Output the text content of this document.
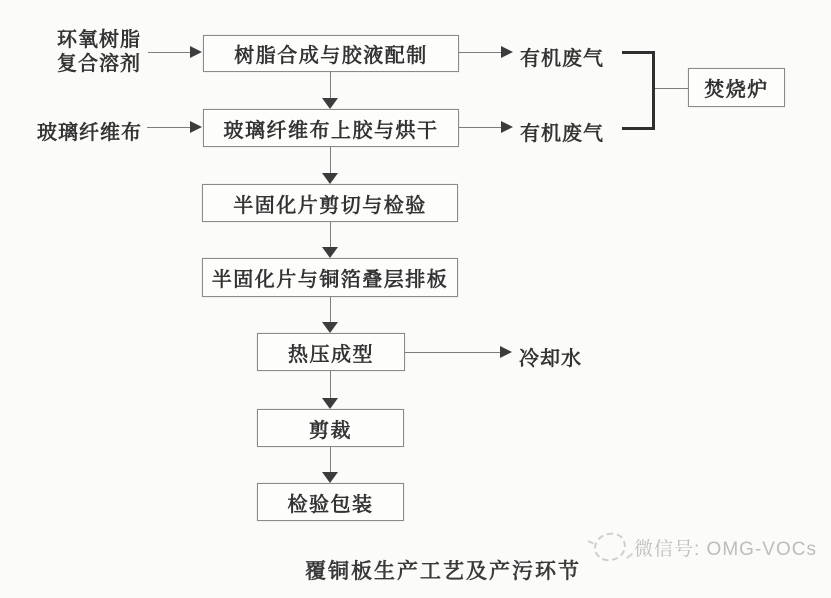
环氧树脂
复合溶剂
玻璃纤维布
树脂合成与胶液配制
玻璃纤维布上胶与烘干
半固化片剪切与检验
半固化片与铜箔叠层排板
热压成型
剪裁
检验包装
有机废气
有机废气
焚烧炉
冷却水
覆铜板生产工艺及产污环节
微信号: OMG-VOCs
